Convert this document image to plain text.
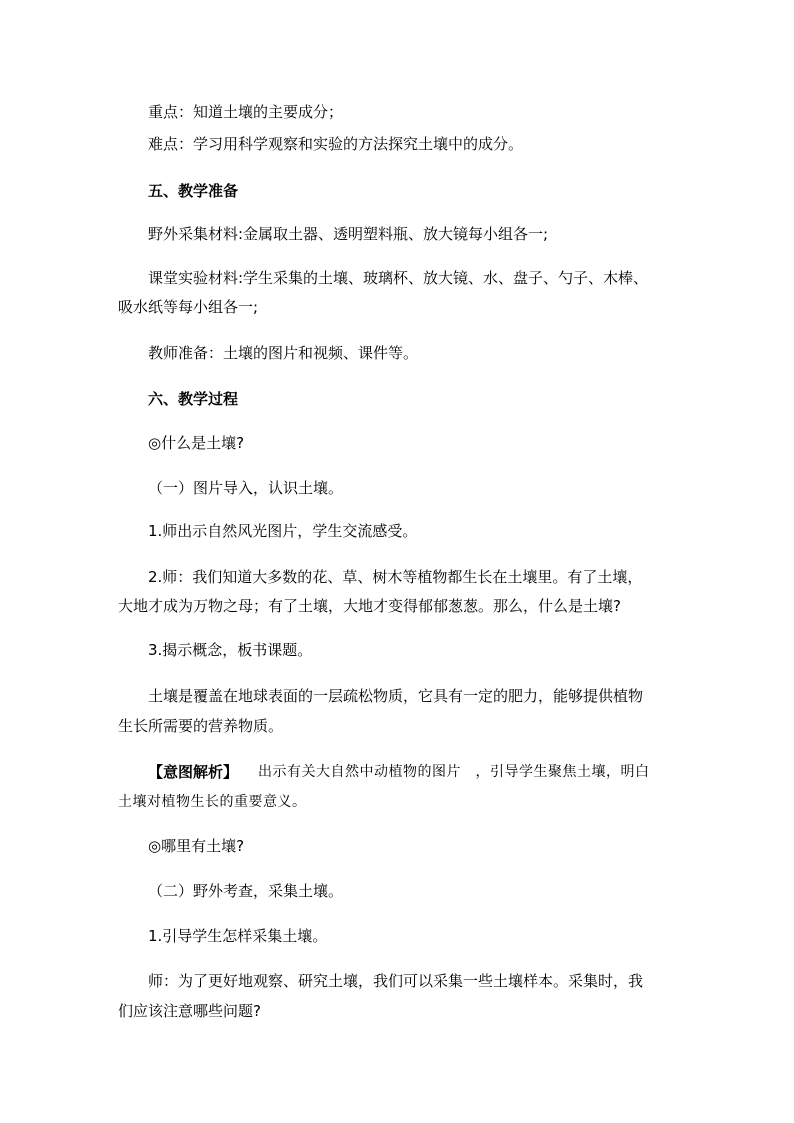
重点：知道土壤的主要成分；
难点：学习用科学观察和实验的方法探究土壤中的成分。
五、教学准备
野外采集材料:金属取土器、透明塑料瓶、放大镜每小组各一;
课堂实验材料:学生采集的土壤、玻璃杯、放大镜、水、盘子、勺子、木棒、
吸水纸等每小组各一;
教师准备：土壤的图片和视频、课件等。
六、教学过程
◎什么是土壤?
（一）图片导入，认识土壤。
1.师出示自然风光图片，学生交流感受。
2.师：我们知道大多数的花、草、树木等植物都生长在土壤里。有了土壤，
大地才成为万物之母；有了土壤，大地才变得郁郁葱葱。那么，什么是土壤?
3.揭示概念，板书课题。
土壤是覆盖在地球表面的一层疏松物质，它具有一定的肥力，能够提供植物
生长所需要的营养物质。
【意图解析】 出示有关大自然中动植物的图片　，引导学生聚焦土壤，明白
土壤对植物生长的重要意义。
◎哪里有土壤?
（二）野外考查，采集土壤。
1.引导学生怎样采集土壤。
师：为了更好地观察、研究土壤，我们可以采集一些土壤样本。采集时，我
们应该注意哪些问题?
